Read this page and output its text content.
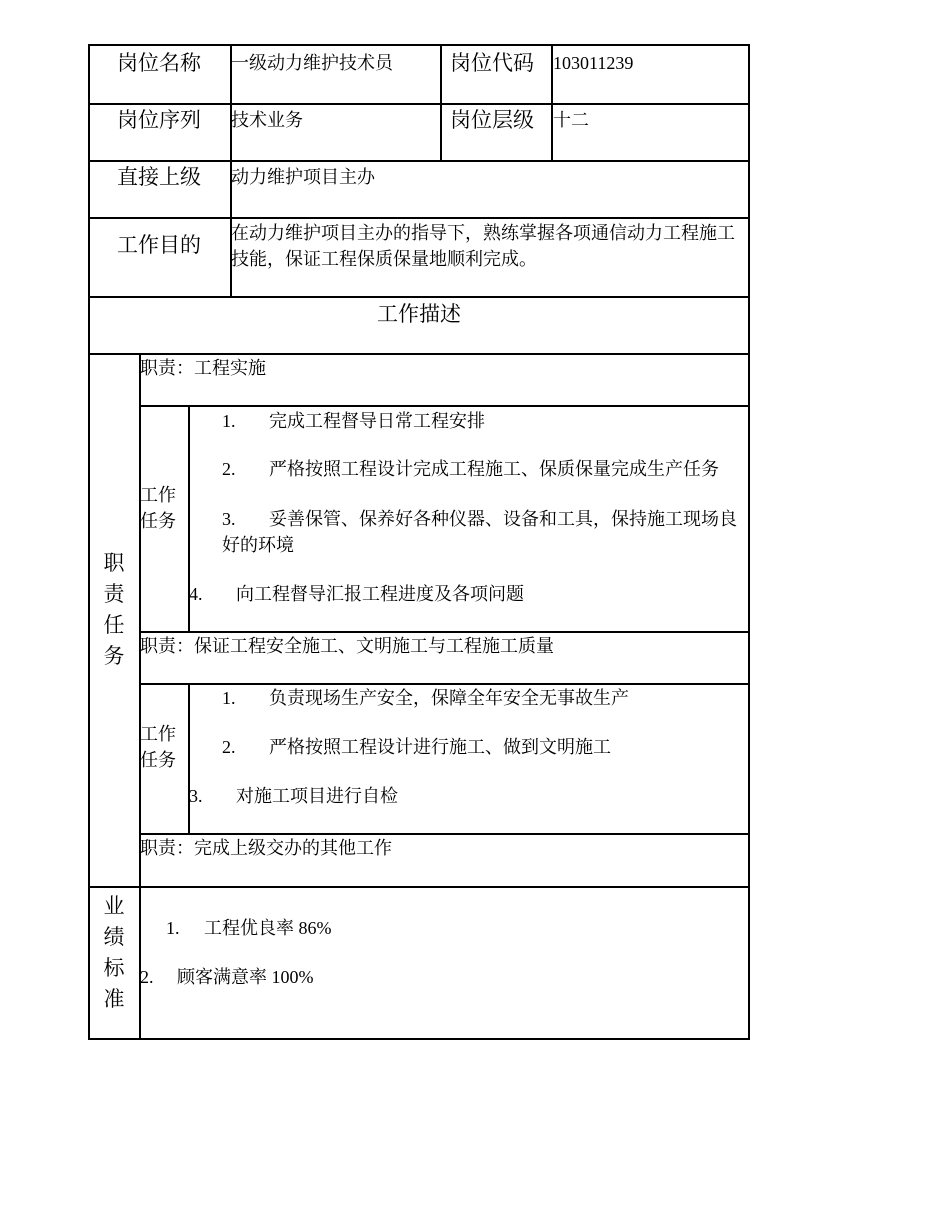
岗位名称 一级动力维护技术员	岗位代码 103011239
岗位序列 技术业务	岗位层级 十二
直接上级 动力维护项目主办
工作目的 在动力维护项目主办的指导下，熟练掌握各项通信动力工程施工技能，保证工程保质保量地顺利完成。
工作描述
职责任务
职责：工程实施
工作任务
1. 完成工程督导日常工程安排
2. 严格按照工程设计完成工程施工、保质保量完成生产任务
3. 妥善保管、保养好各种仪器、设备和工具，保持施工现场良好的环境
4. 向工程督导汇报工程进度及各项问题
职责：保证工程安全施工、文明施工与工程施工质量
工作任务
1. 负责现场生产安全，保障全年安全无事故生产
2. 严格按照工程设计进行施工、做到文明施工
3. 对施工项目进行自检
职责：完成上级交办的其他工作
业绩标准
1. 工程优良率 86%
2. 顾客满意率 100%
